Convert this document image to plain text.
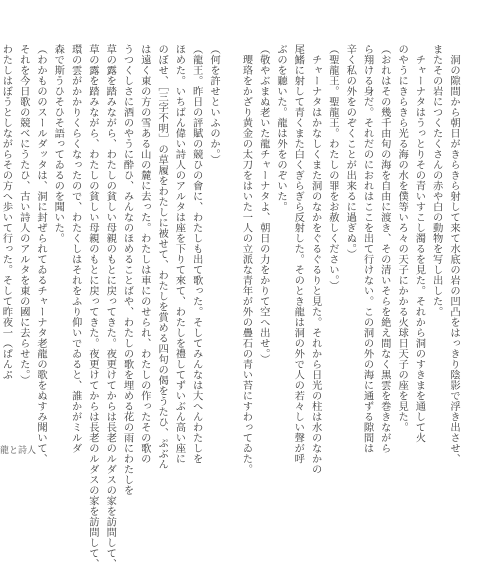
　洞の隙間から朝日がきらきら射して来て水底の岩の凹凸をはっきり陰影で浮き出させ、
またその岩につくたくさんの赤や白の動物を写し出した。
　チャーナタはうっとりその青いすこし濁るを見た。それから洞のすきまを通して火
のやうにきらきら光る海の水を僕等いろ々の天子にかかる火球日天子の座を見た。
（おれはその幾千由旬の海を自由に渡き、その清いそらを絶え間なく黒雲を巻きながら
ら翔ける身だ。それだのにおれはここを出て行けない。この洞の外の海に通ずる隙間は
辛く私の外をのぞくことが出来るに過ぎぬ。）
（聖龍王。聖龍王。わたしの罪をお赦しください。）
　チャーナタはかなしくまた洞のなかをぐるぐるりと見た。それから日光の柱は水のなかの
尾鰭に射して青くまた白くぎらぎら反射した。そのとき龍は洞の外で人の若々しい聲が呼
ぶのを聽いた。龍は外をのぞいた。
（敬やぶまぬ老いた龍チャーナタよ、朝日の力をかりて空へ出せ。）
　瓔珞をかざり黄金の太刀をはいた一人の立派な青年が外の疊石の青い苔にすわってゐた。
（何を許せといふのか。）
（龍王。昨日の評賦の競ひの會に、わたしも出て歌った。そしてみんなは大へんわたしを
ほめた。いちばん偉い詩人のアルタは座を下りて來て、わたしを禮してずいぶん高い座に
のぼせ、［三字不明］の草履をわたしに被せて、わたしを賞める四句の偈をうたひ、ぷぶん
は遠く東の方の雪ある山の麓に去った。わたしは車にのせられ、わたしの作ったその歌の
うつくしさに酒のやうに酔ひ、みんなのほめることばや、わたしの歌を埋める花の雨にわたしを
草の露を踏みながら、わたしの貧しい母親のもとに戻ってきた。夜更けてからは長老のルダスの家を訪問して、
草の露を踏みながら、わたしの貧しい母親のもとに戻ってきた。夜更けてからは長老のルダスの家を訪問して、
環の雲がかかりくらくなったので、わたくしはそれをふり仰いでゐると、誰かがミルダ
森で斯うひそひそ語ってゐるのを聞いた。
（わかもののスールダッタは、洞に封ぜられてゐるチャーナタ老龍の歌をぬすみ聞いて、
それを今日歌の競べにうたひ、古い詩人のアルタを東の國に去らせた。）
わたしはぼうとしながらその方へ歩いて行った。そして昨夜一（ぱんぷ
龍と詩人
